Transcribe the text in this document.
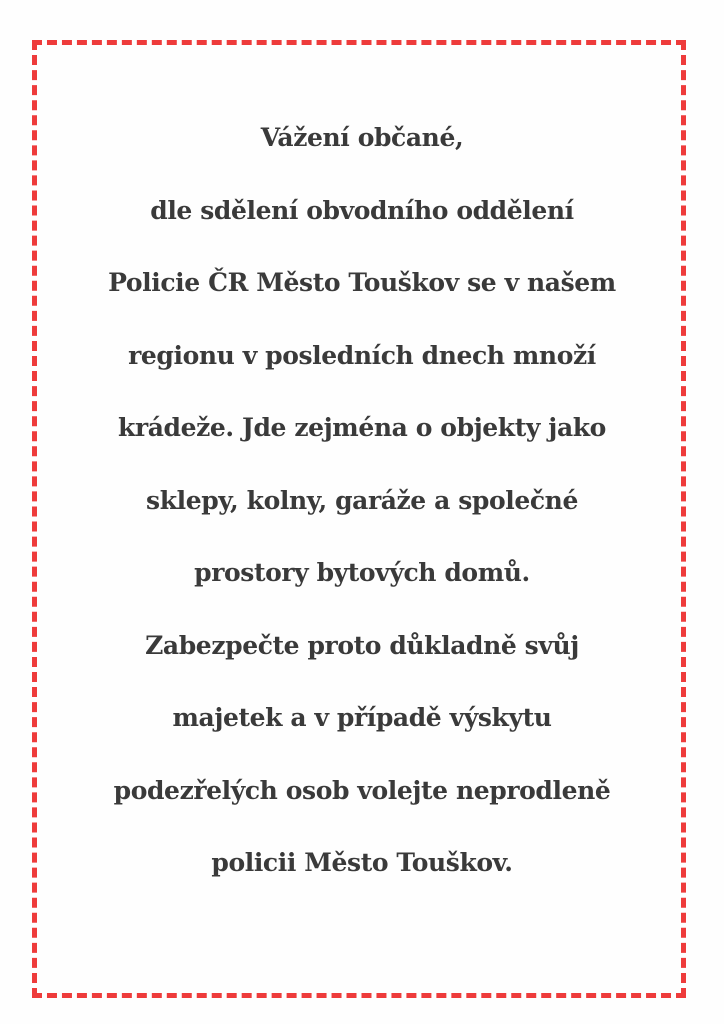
Vážení občané,
dle sdělení obvodního oddělení
Policie ČR Město Touškov se v našem
regionu v posledních dnech množí
krádeže. Jde zejména o objekty jako
sklepy, kolny, garáže a společné
prostory bytových domů.
Zabezpečte proto důkladně svůj
majetek a v případě výskytu
podezřelých osob volejte neprodleně
policii Město Touškov.
